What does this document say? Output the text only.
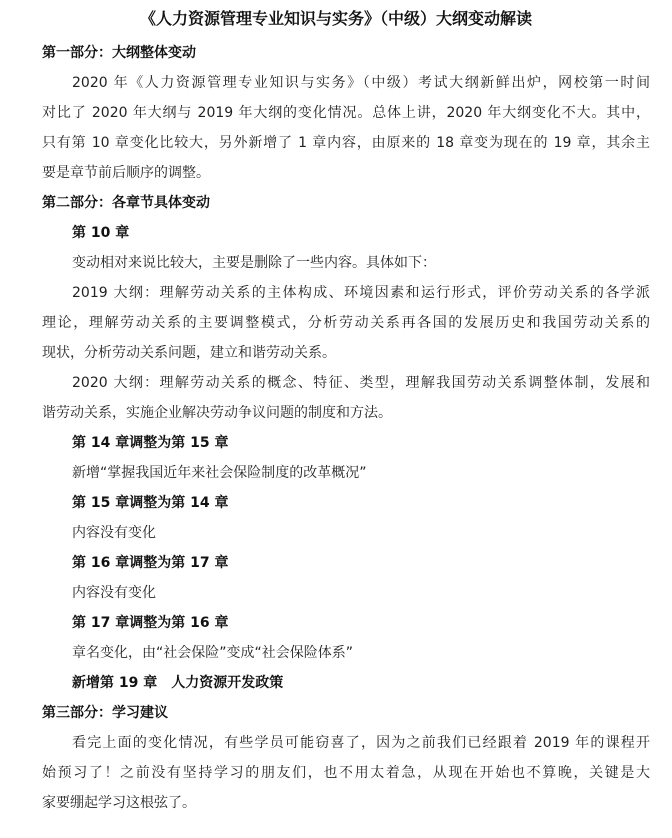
《人力资源管理专业知识与实务》（中级）大纲变动解读
第一部分：大纲整体变动
2020 年《人力资源管理专业知识与实务》（中级）考试大纲新鲜出炉，网校第一时间
对比了 2020 年大纲与 2019 年大纲的变化情况。总体上讲，2020 年大纲变化不大。其中，
只有第 10 章变化比较大，另外新增了 1 章内容，由原来的 18 章变为现在的 19 章，其余主
要是章节前后顺序的调整。
第二部分：各章节具体变动
第 10 章
变动相对来说比较大，主要是删除了一些内容。具体如下：
2019 大纲：理解劳动关系的主体构成、环境因素和运行形式，评价劳动关系的各学派
理论，理解劳动关系的主要调整模式，分析劳动关系再各国的发展历史和我国劳动关系的
现状，分析劳动关系问题，建立和谐劳动关系。
2020 大纲：理解劳动关系的概念、特征、类型，理解我国劳动关系调整体制，发展和
谐劳动关系，实施企业解决劳动争议问题的制度和方法。
第 14 章调整为第 15 章
新增“掌握我国近年来社会保险制度的改革概况”
第 15 章调整为第 14 章
内容没有变化
第 16 章调整为第 17 章
内容没有变化
第 17 章调整为第 16 章
章名变化，由“社会保险”变成“社会保险体系”
新增第 19 章　人力资源开发政策
第三部分：学习建议
看完上面的变化情况，有些学员可能窃喜了，因为之前我们已经跟着 2019 年的课程开
始预习了！之前没有坚持学习的朋友们，也不用太着急，从现在开始也不算晚，关键是大
家要绷起学习这根弦了。
